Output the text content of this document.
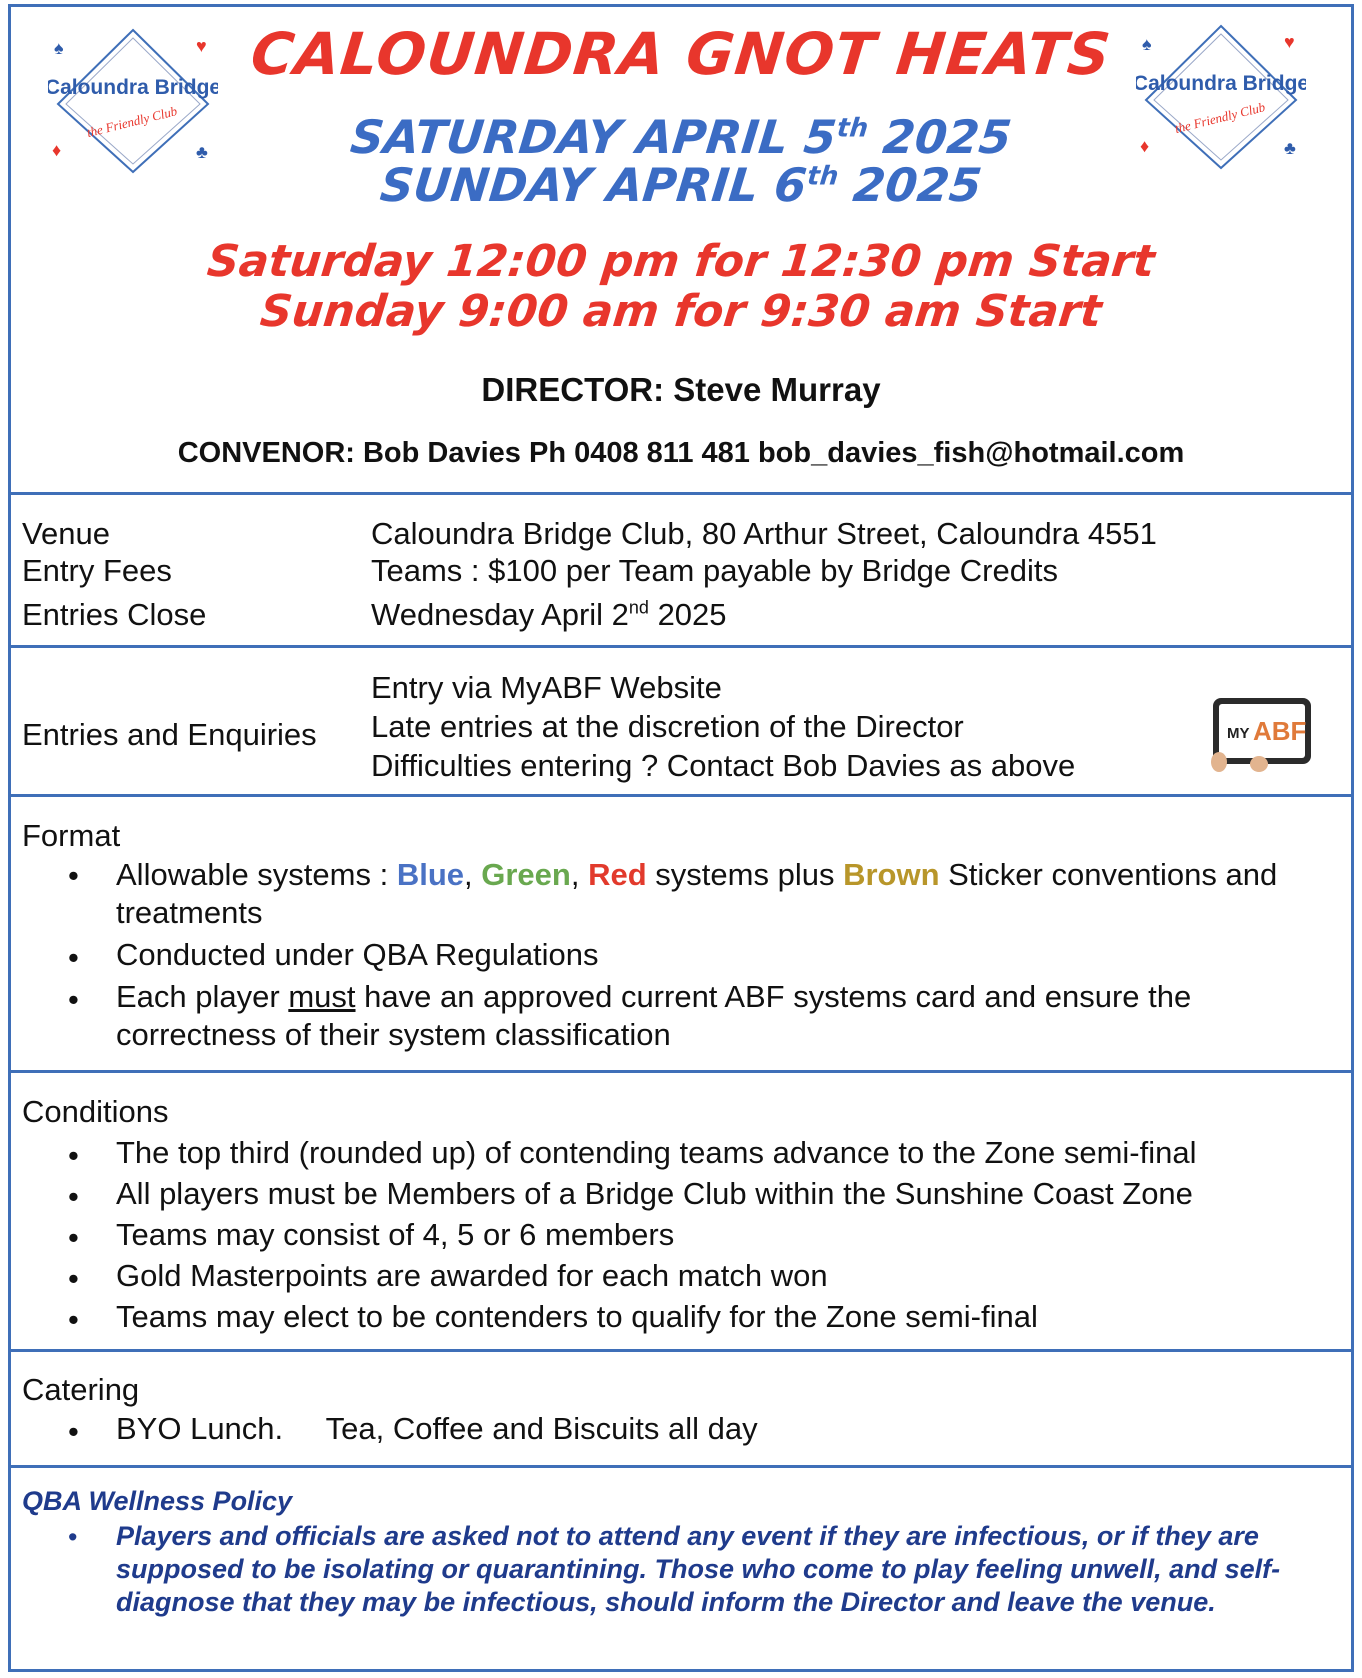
Caloundra Bridge
the Friendly Club
♠	♥
♦	♣
Caloundra Bridge
the Friendly Club
♠	♥
♦	♣
CALOUNDRA GNOT HEATS
SATURDAY APRIL 5th 2025
SUNDAY APRIL 6th 2025
Saturday 12:00 pm for 12:30 pm Start
Sunday 9:00 am for 9:30 am Start
DIRECTOR: Steve Murray
CONVENOR: Bob Davies Ph 0408 811 481 bob_davies_fish@hotmail.com
Venue	Caloundra Bridge Club, 80 Arthur Street, Caloundra 4551
Entry Fees	Teams : $100 per Team payable by Bridge Credits
Entries Close	Wednesday April 2nd 2025
Entries and Enquiries
Entry via MyABF Website
Late entries at the discretion of the Director
Difficulties entering ? Contact Bob Davies as above
MY ABF
Format
• Allowable systems : Blue, Green, Red systems plus Brown Sticker conventions and treatments
• Conducted under QBA Regulations
• Each player must have an approved current ABF systems card and ensure the correctness of their system classification
Conditions
• The top third (rounded up) of contending teams advance to the Zone semi-final
• All players must be Members of a Bridge Club within the Sunshine Coast Zone
• Teams may consist of 4, 5 or 6 members
• Gold Masterpoints are awarded for each match won
• Teams may elect to be contenders to qualify for the Zone semi-final
Catering
• BYO Lunch.     Tea, Coffee and Biscuits all day
QBA Wellness Policy
• Players and officials are asked not to attend any event if they are infectious, or if they are supposed to be isolating or quarantining. Those who come to play feeling unwell, and self-diagnose that they may be infectious, should inform the Director and leave the venue.
